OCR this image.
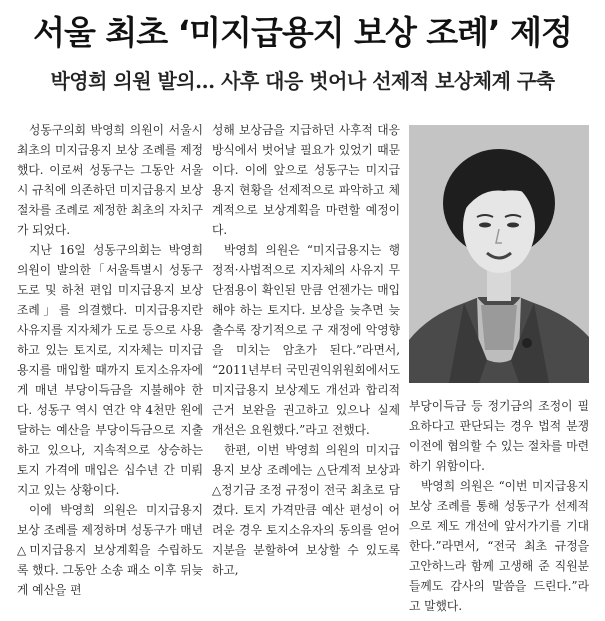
서울 최초 ‘미지급용지 보상 조례’ 제정
박영희 의원 발의… 사후 대응 벗어나 선제적 보상체계 구축

성동구의회 박영희 의원이 서울시 최초의 미지급용지 보상 조례를 제정했다. 이로써 성동구는 그동안 서울시 규칙에 의존하던 미지급용지 보상 절차를 조례로 제정한 최초의 자치구가 되었다.

지난 16일 성동구의회는 박영희 의원이 발의한「서울특별시 성동구 도로 및 하천 편입 미지급용지 보상 조례」를 의결했다. 미지급용지란 사유지를 지자체가 도로 등으로 사용하고 있는 토지로, 지자체는 미지급용지를 매입할 때까지 토지소유자에게 매년 부당이득금을 지불해야 한다. 성동구 역시 연간 약 4천만 원에 달하는 예산을 부당이득금으로 지출하고 있으나, 지속적으로 상승하는 토지 가격에 매입은 십수년 간 미뤄지고 있는 상황이다.

이에 박영희 의원은 미지급용지 보상 조례를 제정하며 성동구가 매년 △미지급용지 보상계획을 수립하도록 했다. 그동안 소송 패소 이후 뒤늦게 예산을 편

성해 보상금을 지급하던 사후적 대응 방식에서 벗어날 필요가 있었기 때문이다. 이에 앞으로 성동구는 미지급용지 현황을 선제적으로 파악하고 체계적으로 보상계획을 마련할 예정이다.

박영희 의원은 “미지급용지는 행정적·사법적으로 지자체의 사유지 무단점용이 확인된 만큼 언젠가는 매입해야 하는 토지다. 보상을 늦추면 늦출수록 장기적으로 구 재정에 악영향을 미치는 암초가 된다.”라면서, “2011년부터 국민권익위원회에서도 미지급용지 보상제도 개선과 합리적 근거 보완을 권고하고 있으나 실제 개선은 요원했다.”라고 전했다.

한편, 이번 박영희 의원의 미지급용지 보상 조례에는 △단계적 보상과 △정기금 조정 규정이 전국 최초로 담겼다. 토지 가격만큼 예산 편성이 어려운 경우 토지소유자의 동의를 얻어 지분을 분할하여 보상할 수 있도록 하고,

부당이득금 등 정기금의 조정이 필요하다고 판단되는 경우 법적 분쟁 이전에 협의할 수 있는 절차를 마련하기 위함이다.

박영희 의원은 “이번 미지급용지 보상 조례를 통해 성동구가 선제적으로 제도 개선에 앞서가기를 기대한다.”라면서, “전국 최초 규정을 고안하느라 함께 고생해 준 직원분들께도 감사의 말씀을 드린다.”라고 말했다.
